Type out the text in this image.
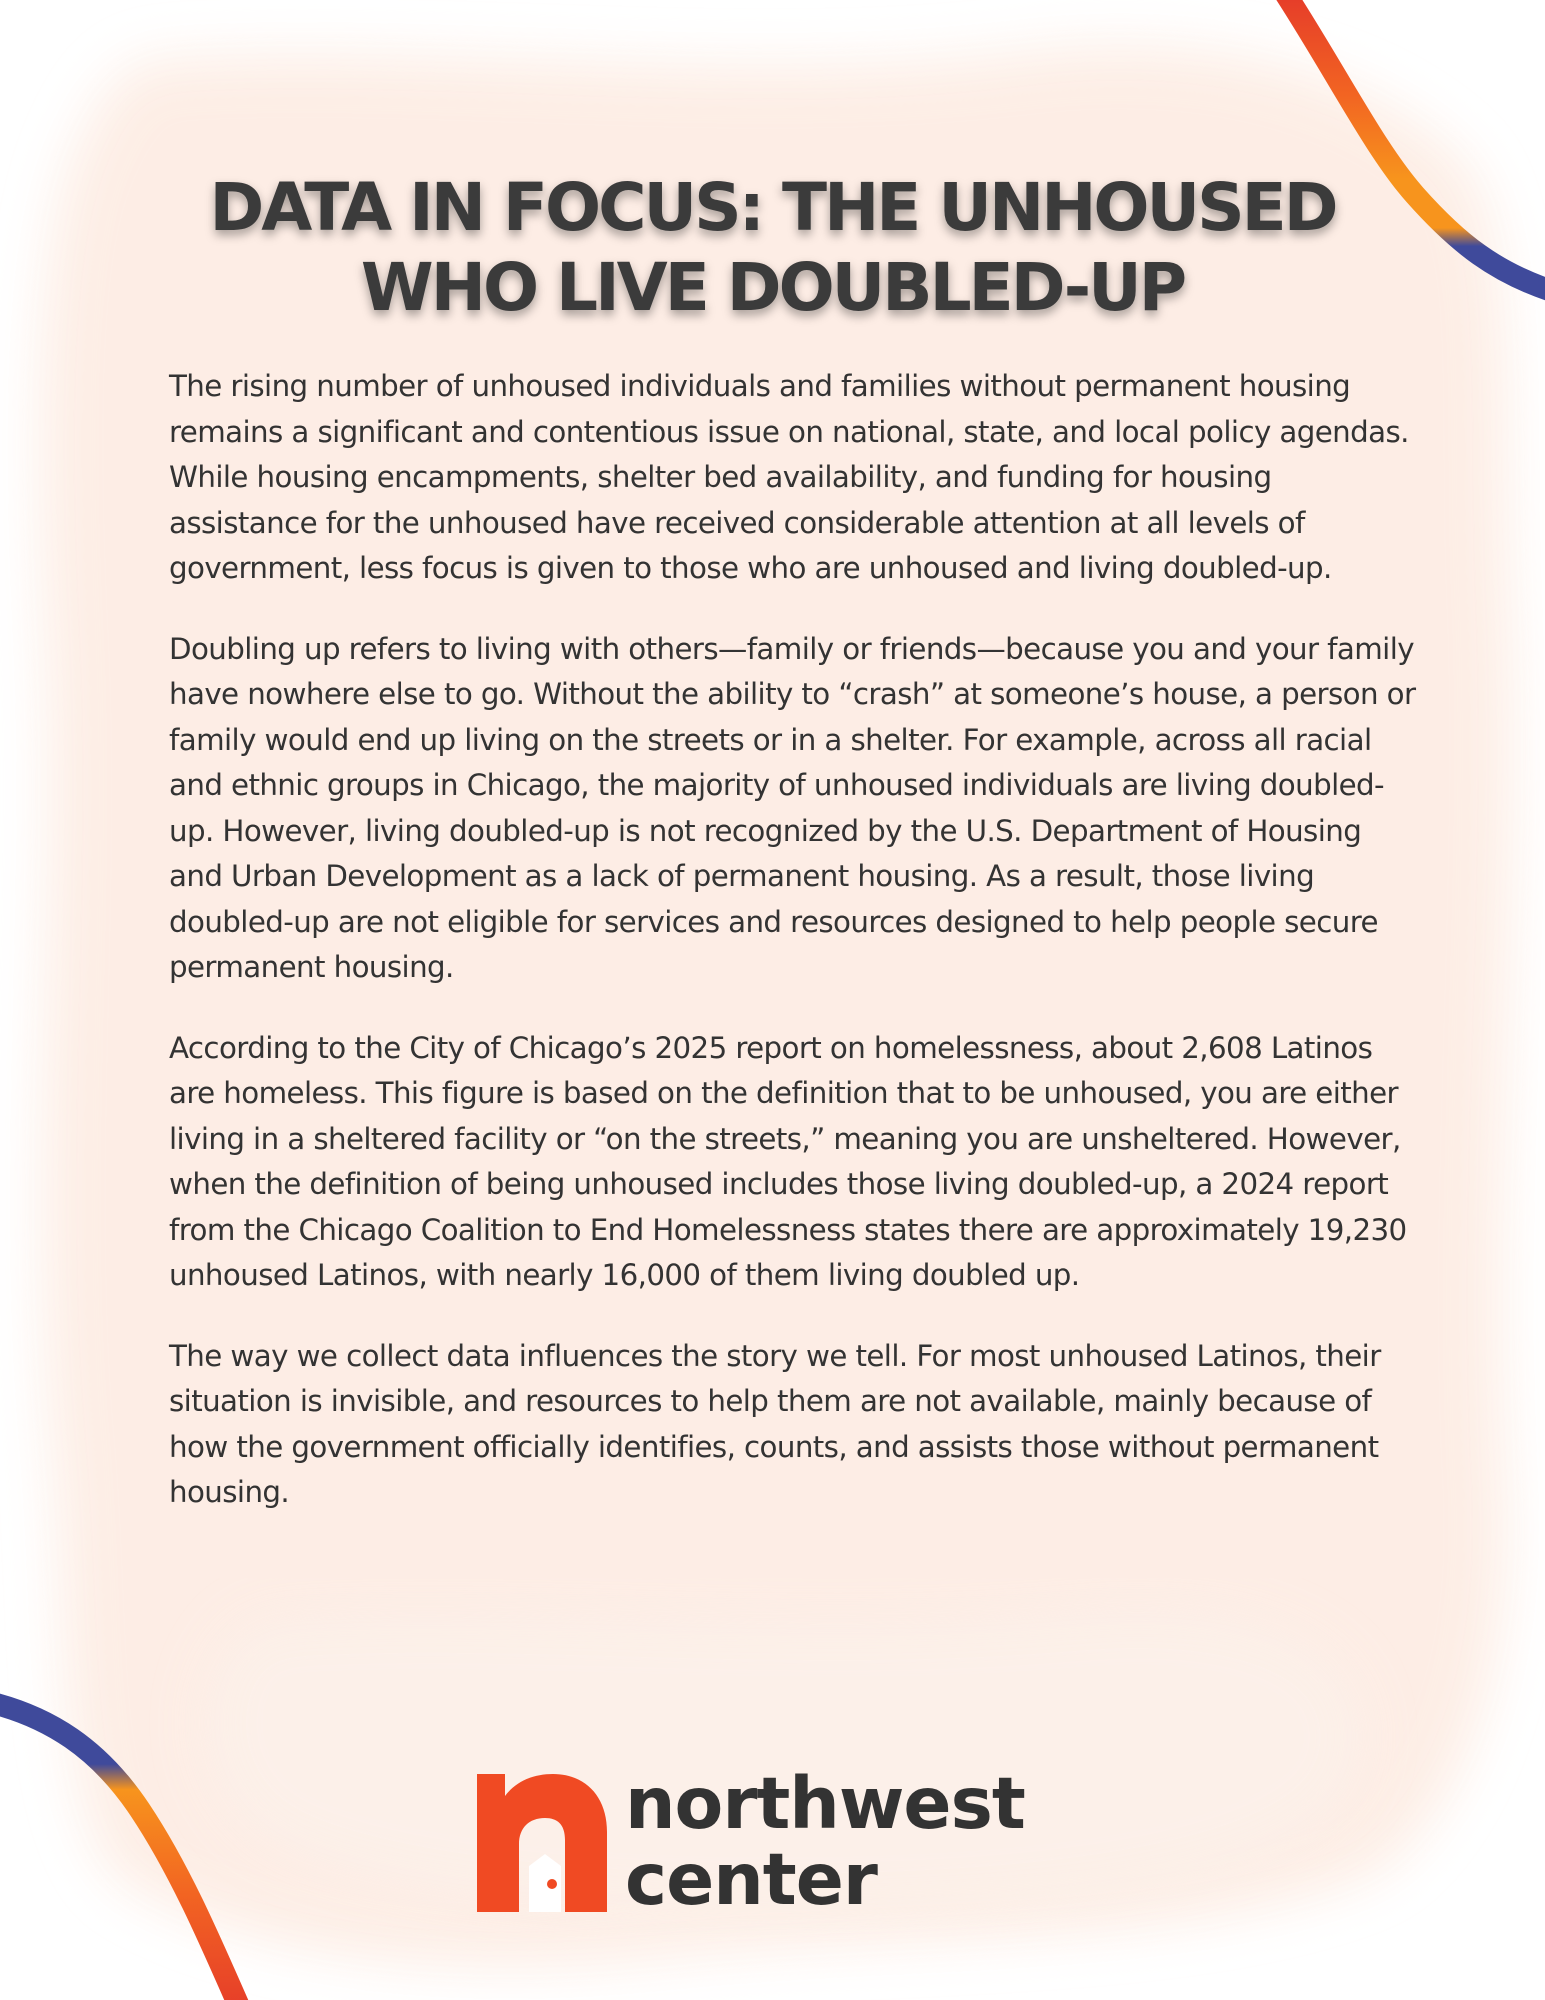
DATA IN FOCUS: THE UNHOUSED
WHO LIVE DOUBLED-UP

The rising number of unhoused individuals and families without permanent housing remains a significant and contentious issue on national, state, and local policy agendas. While housing encampments, shelter bed availability, and funding for housing assistance for the unhoused have received considerable attention at all levels of government, less focus is given to those who are unhoused and living doubled-up.

Doubling up refers to living with others—family or friends—because you and your family have nowhere else to go. Without the ability to “crash” at someone’s house, a person or family would end up living on the streets or in a shelter. For example, across all racial and ethnic groups in Chicago, the majority of unhoused individuals are living doubled-up. However, living doubled-up is not recognized by the U.S. Department of Housing and Urban Development as a lack of permanent housing. As a result, those living doubled-up are not eligible for services and resources designed to help people secure permanent housing.

According to the City of Chicago’s 2025 report on homelessness, about 2,608 Latinos are homeless. This figure is based on the definition that to be unhoused, you are either living in a sheltered facility or “on the streets,” meaning you are unsheltered. However, when the definition of being unhoused includes those living doubled-up, a 2024 report from the Chicago Coalition to End Homelessness states there are approximately 19,230 unhoused Latinos, with nearly 16,000 of them living doubled up.

The way we collect data influences the story we tell. For most unhoused Latinos, their situation is invisible, and resources to help them are not available, mainly because of how the government officially identifies, counts, and assists those without permanent housing.

northwest
center
